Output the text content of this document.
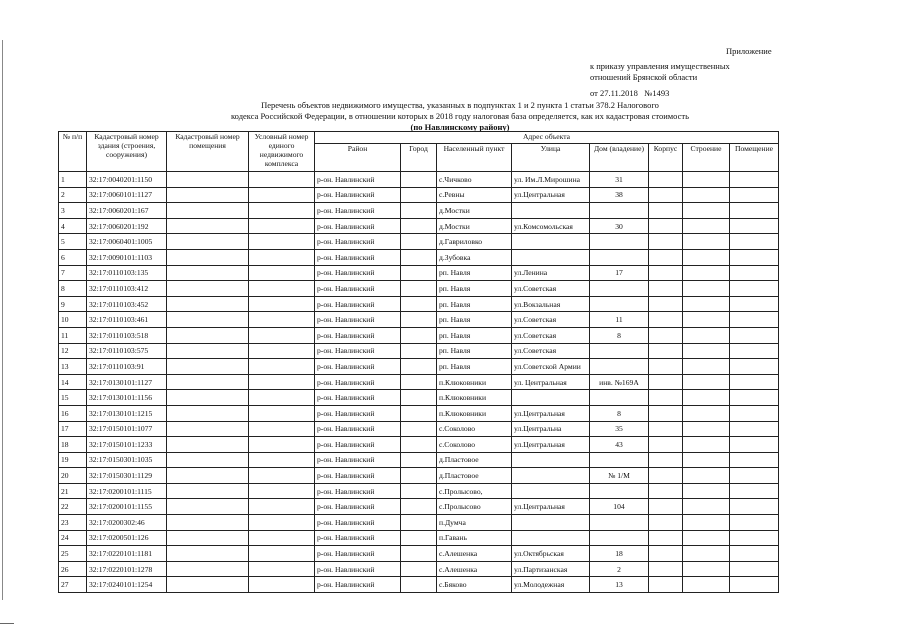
Приложение
к приказу управления имущественных
отношений Брянской области
от 27.11.2018 №1493
Перечень объектов недвижимого имущества, указанных в подпунктах 1 и 2 пункта 1 статьи 378.2 Налогового
кодекса Российской Федерации, в отношении которых в 2018 году налоговая база определяется, как их кадастровая стоимость
(по Навлинскому району)
№ п/п	Кадастровый номер здания (строения, сооружения)	Кадастровый номер помещения	Условный номер единого недвижимого комплекса	Адрес объекта							
				Район	Город	Населенный пункт	Улица	Дом (владение)	Корпус	Строение	Помещение
1	32:17:0040201:1150			р-он. Навлинский		с.Чичково	ул. Им.Л.Мирошина	31			
2	32:17:0060101:1127			р-он. Навлинский		с.Ревны	ул.Центральная	38			
3	32:17:0060201:167			р-он. Навлинский		д.Мостки					
4	32:17:0060201:192			р-он. Навлинский		д.Мостки	ул.Комсомольская	30			
5	32:17:0060401:1005			р-он. Навлинский		д.Гавриловко					
6	32:17:0090101:1103			р-он. Навлинский		д.Зубовка					
7	32:17:0110103:135			р-он. Навлинский		рп. Навля	ул.Ленина	17			
8	32:17:0110103:412			р-он. Навлинский		рп. Навля	ул.Советская				
9	32:17:0110103:452			р-он. Навлинский		рп. Навля	ул.Вокзальная				
10	32:17:0110103:461			р-он. Навлинский		рп. Навля	ул.Советская	11			
11	32:17:0110103:518			р-он. Навлинский		рп. Навля	ул.Советская	8			
12	32:17:0110103:575			р-он. Навлинский		рп. Навля	ул.Советская				
13	32:17:0110103:91			р-он. Навлинский		рп. Навля	ул.Советской Армии				
14	32:17:0130101:1127			р-он. Навлинский		п.Клюковники	ул. Центральная	инв. №169А			
15	32:17:0130101:1156			р-он. Навлинский		п.Клюковники					
16	32:17:0130101:1215			р-он. Навлинский		п.Клюковники	ул.Центральная	8			
17	32:17:0150101:1077			р-он. Навлинский		с.Соколово	ул.Центральна	35			
18	32:17:0150101:1233			р-он. Навлинский		с.Соколово	ул.Центральная	43			
19	32:17:0150301:1035			р-он. Навлинский		д.Пластовое					
20	32:17:0150301:1129			р-он. Навлинский		д.Пластовое		№ 1/М			
21	32:17:0200101:1115			р-он. Навлинский		с.Пролысово,					
22	32:17:0200101:1155			р-он. Навлинский		с.Пролысово	ул.Центральная	104			
23	32:17:0200302:46			р-он. Навлинский		п.Думча					
24	32:17:0200501:126			р-он. Навлинский		п.Гавань					
25	32:17:0220101:1181			р-он. Навлинский		с.Алешенка	ул.Октябрьская	18			
26	32:17:0220101:1278			р-он. Навлинский		с.Алешенка	ул.Партизанская	2			
27	32:17:0240101:1254			р-он. Навлинский		с.Бяково	ул.Молодежная	13			
